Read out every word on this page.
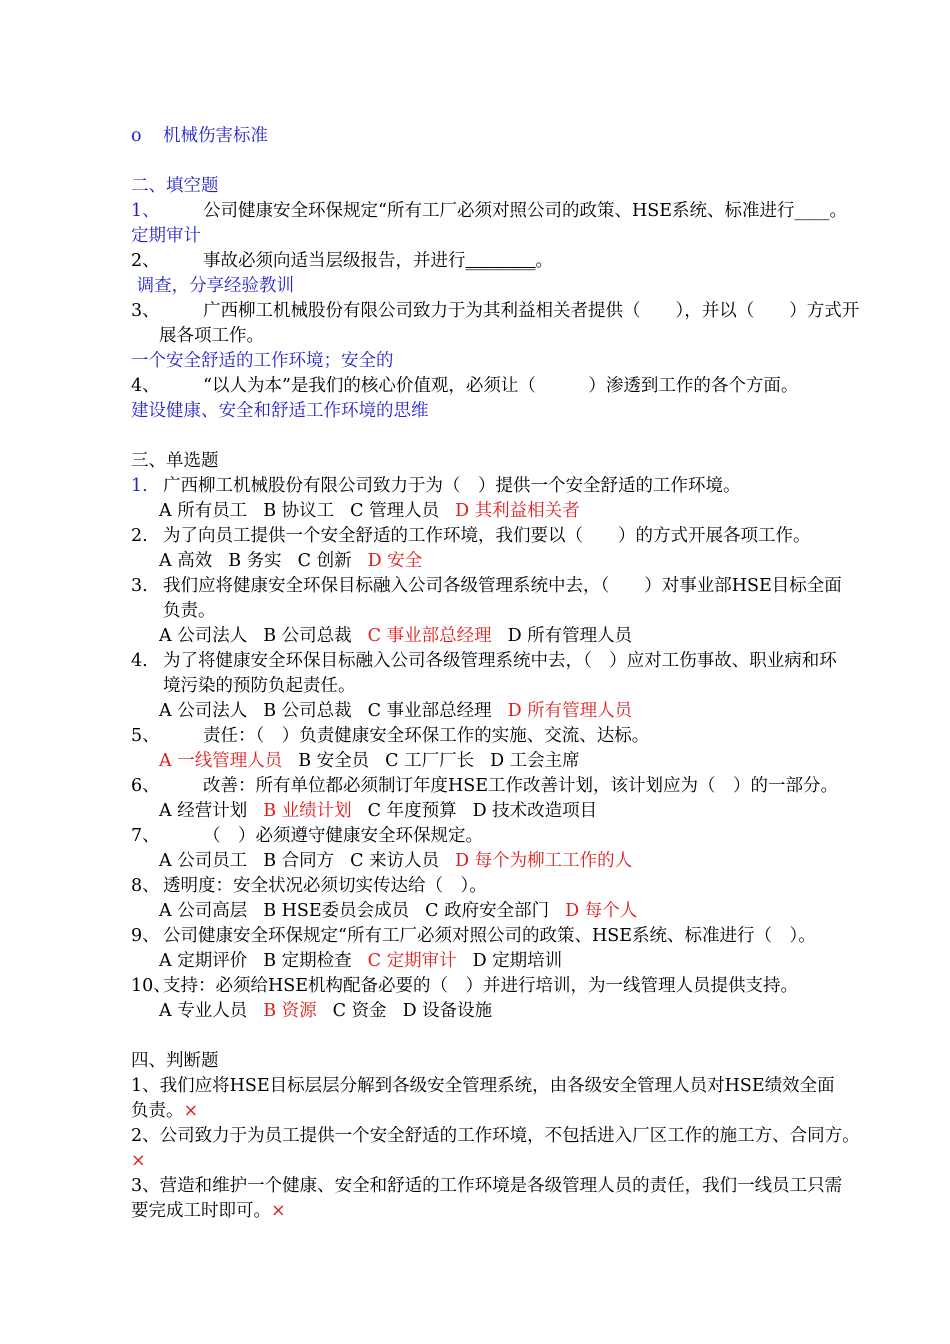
o 机械伤害标准
二、填空题
1、 公司健康安全环保规定“所有工厂必须对照公司的政策、HSE系统、标准进行____。
定期审计
2、 事故必须向适当层级报告，并进行________。
调查，分享经验教训
3、 广西柳工机械股份有限公司致力于为其利益相关者提供（　　），并以（　　）方式开
展各项工作。
一个安全舒适的工作环境；安全的
4、 “以人为本”是我们的核心价值观，必须让（　　　）渗透到工作的各个方面。
建设健康、安全和舒适工作环境的思维
三、单选题
1. 广西柳工机械股份有限公司致力于为（　）提供一个安全舒适的工作环境。
A 所有员工 B 协议工 C 管理人员 D 其利益相关者
2. 为了向员工提供一个安全舒适的工作环境，我们要以（　　）的方式开展各项工作。
A 高效 B 务实 C 创新 D 安全
3. 我们应将健康安全环保目标融入公司各级管理系统中去，（　　）对事业部HSE目标全面
负责。
A 公司法人 B 公司总裁 C 事业部总经理 D 所有管理人员
4. 为了将健康安全环保目标融入公司各级管理系统中去，（　）应对工伤事故、职业病和环
境污染的预防负起责任。
A 公司法人 B 公司总裁 C 事业部总经理 D 所有管理人员
5、 责任：（　）负责健康安全环保工作的实施、交流、达标。
A 一线管理人员 B 安全员 C 工厂厂长 D 工会主席
6、 改善：所有单位都必须制订年度HSE工作改善计划，该计划应为（　）的一部分。
A 经营计划 B 业绩计划 C 年度预算 D 技术改造项目
7、 （　）必须遵守健康安全环保规定。
A 公司员工 B 合同方 C 来访人员 D 每个为柳工工作的人
8、 透明度：安全状况必须切实传达给（　）。
A 公司高层 B HSE委员会成员 C 政府安全部门 D 每个人
9、 公司健康安全环保规定“所有工厂必须对照公司的政策、HSE系统、标准进行（　）。
A 定期评价 B 定期检查 C 定期审计 D 定期培训
10、支持：必须给HSE机构配备必要的（　）并进行培训，为一线管理人员提供支持。
A 专业人员 B 资源 C 资金 D 设备设施
四、判断题
1、我们应将HSE目标层层分解到各级安全管理系统，由各级安全管理人员对HSE绩效全面
负责。×
2、公司致力于为员工提供一个安全舒适的工作环境，不包括进入厂区工作的施工方、合同方。
×
3、营造和维护一个健康、安全和舒适的工作环境是各级管理人员的责任，我们一线员工只需
要完成工时即可。×
